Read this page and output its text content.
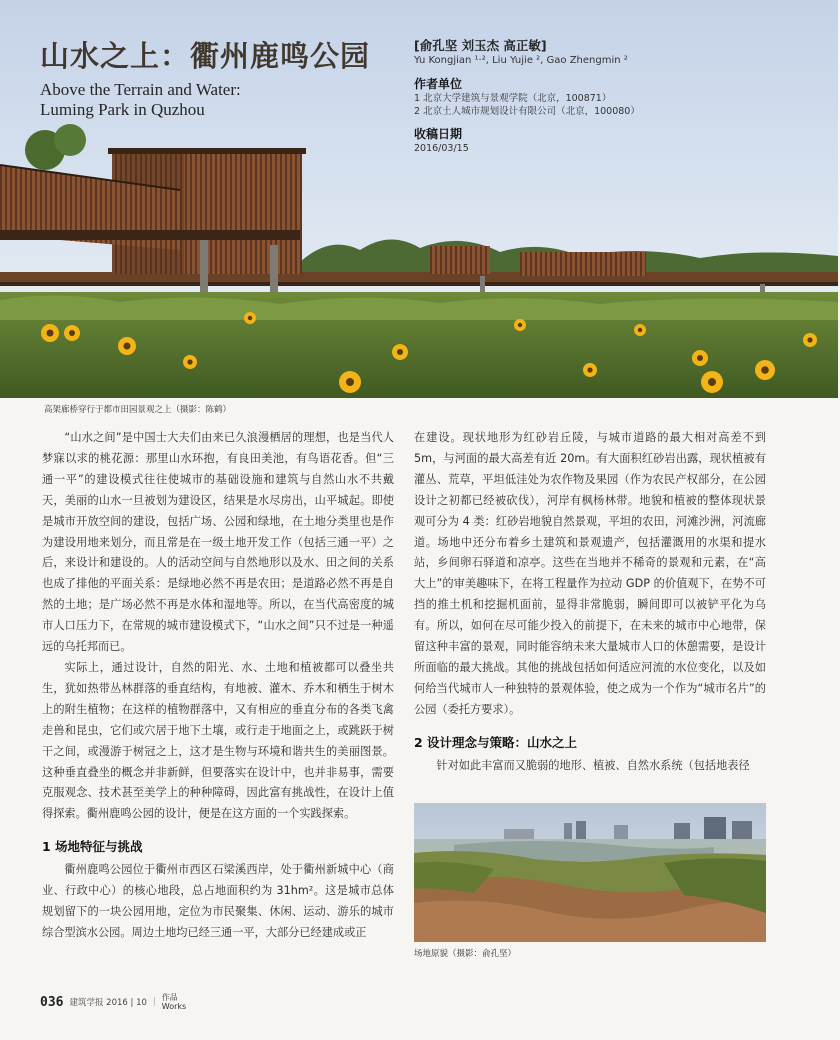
山水之上：衢州鹿鸣公园
Above the Terrain and Water:
Luming Park in Quzhou
[俞孔坚 刘玉杰 高正敏]
Yu Kongjian ¹·², Liu Yujie ², Gao Zhengmin ²
作者单位
1 北京大学建筑与景观学院（北京，100871）
2 北京土人城市规划设计有限公司（北京，100080）
收稿日期
2016/03/15
高架廊桥穿行于都市田园景观之上（摄影：陈鹤）

“山水之间”是中国士大夫们由来已久浪漫栖居的理想，也是当代人梦寐以求的桃花源：那里山水环抱，有良田美池，有鸟语花香。但“三通一平”的建设模式往往使城市的基础设施和建筑与自然山水不共戴天，美丽的山水一旦被划为建设区，结果是水尽房出，山平城起。即使是城市开放空间的建设，包括广场、公园和绿地，在土地分类里也是作为建设用地来划分，而且常是在一级土地开发工作（包括三通一平）之后，来设计和建设的。人的活动空间与自然地形以及水、田之间的关系也成了排他的平面关系：是绿地必然不再是农田；是道路必然不再是自然的土地；是广场必然不再是水体和湿地等。所以，在当代高密度的城市人口压力下，在常规的城市建设模式下，“山水之间”只不过是一种遥远的乌托邦而已。

实际上，通过设计，自然的阳光、水、土地和植被都可以叠坐共生，犹如热带丛林群落的垂直结构，有地被、灌木、乔木和栖生于树木上的附生植物；在这样的植物群落中，又有相应的垂直分布的各类飞禽走兽和昆虫，它们或穴居于地下土壤，或行走于地面之上，或跳跃于树干之间，或漫游于树冠之上，这才是生物与环境和谐共生的美丽图景。这种垂直叠坐的概念并非新鲜，但要落实在设计中，也并非易事，需要克服观念、技术甚至美学上的种种障碍，因此富有挑战性，在设计上值得探索。衢州鹿鸣公园的设计，便是在这方面的一个实践探索。

1 场地特征与挑战

衢州鹿鸣公园位于衢州市西区石梁溪西岸，处于衢州新城中心（商业、行政中心）的核心地段，总占地面积约为 31hm²。这是城市总体规划留下的一块公园用地，定位为市民聚集、休闲、运动、游乐的城市综合型滨水公园。周边土地均已经三通一平，大部分已经建成或正

在建设。现状地形为红砂岩丘陵，与城市道路的最大相对高差不到 5m，与河面的最大高差有近 20m。有大面积红砂岩出露，现状植被有灌丛、荒草，平坦低洼处为农作物及果园（作为农民产权部分，在公园设计之初都已经被砍伐），河岸有枫杨林带。地貌和植被的整体现状景观可分为 4 类：红砂岩地貌自然景观，平坦的农田，河滩沙洲，河流廊道。场地中还分布着乡土建筑和景观遗产，包括灌溉用的水渠和提水站，乡间卵石驿道和凉亭。这些在当地并不稀奇的景观和元素，在“高大上”的审美趣味下，在将工程量作为拉动 GDP 的价值观下，在势不可挡的推土机和挖掘机面前，显得非常脆弱，瞬间即可以被铲平化为乌有。所以，如何在尽可能少投入的前提下，在未来的城市中心地带，保留这种丰富的景观，同时能容纳未来大量城市人口的休憩需要，是设计所面临的最大挑战。其他的挑战包括如何适应河流的水位变化，以及如何给当代城市人一种独特的景观体验，使之成为一个作为“城市名片”的公园（委托方要求）。

2 设计理念与策略：山水之上

针对如此丰富而又脆弱的地形、植被、自然水系统（包括地表径

场地原貌（摄影：俞孔坚）
036 建筑学报 2016 | 10 | 作品
Works
